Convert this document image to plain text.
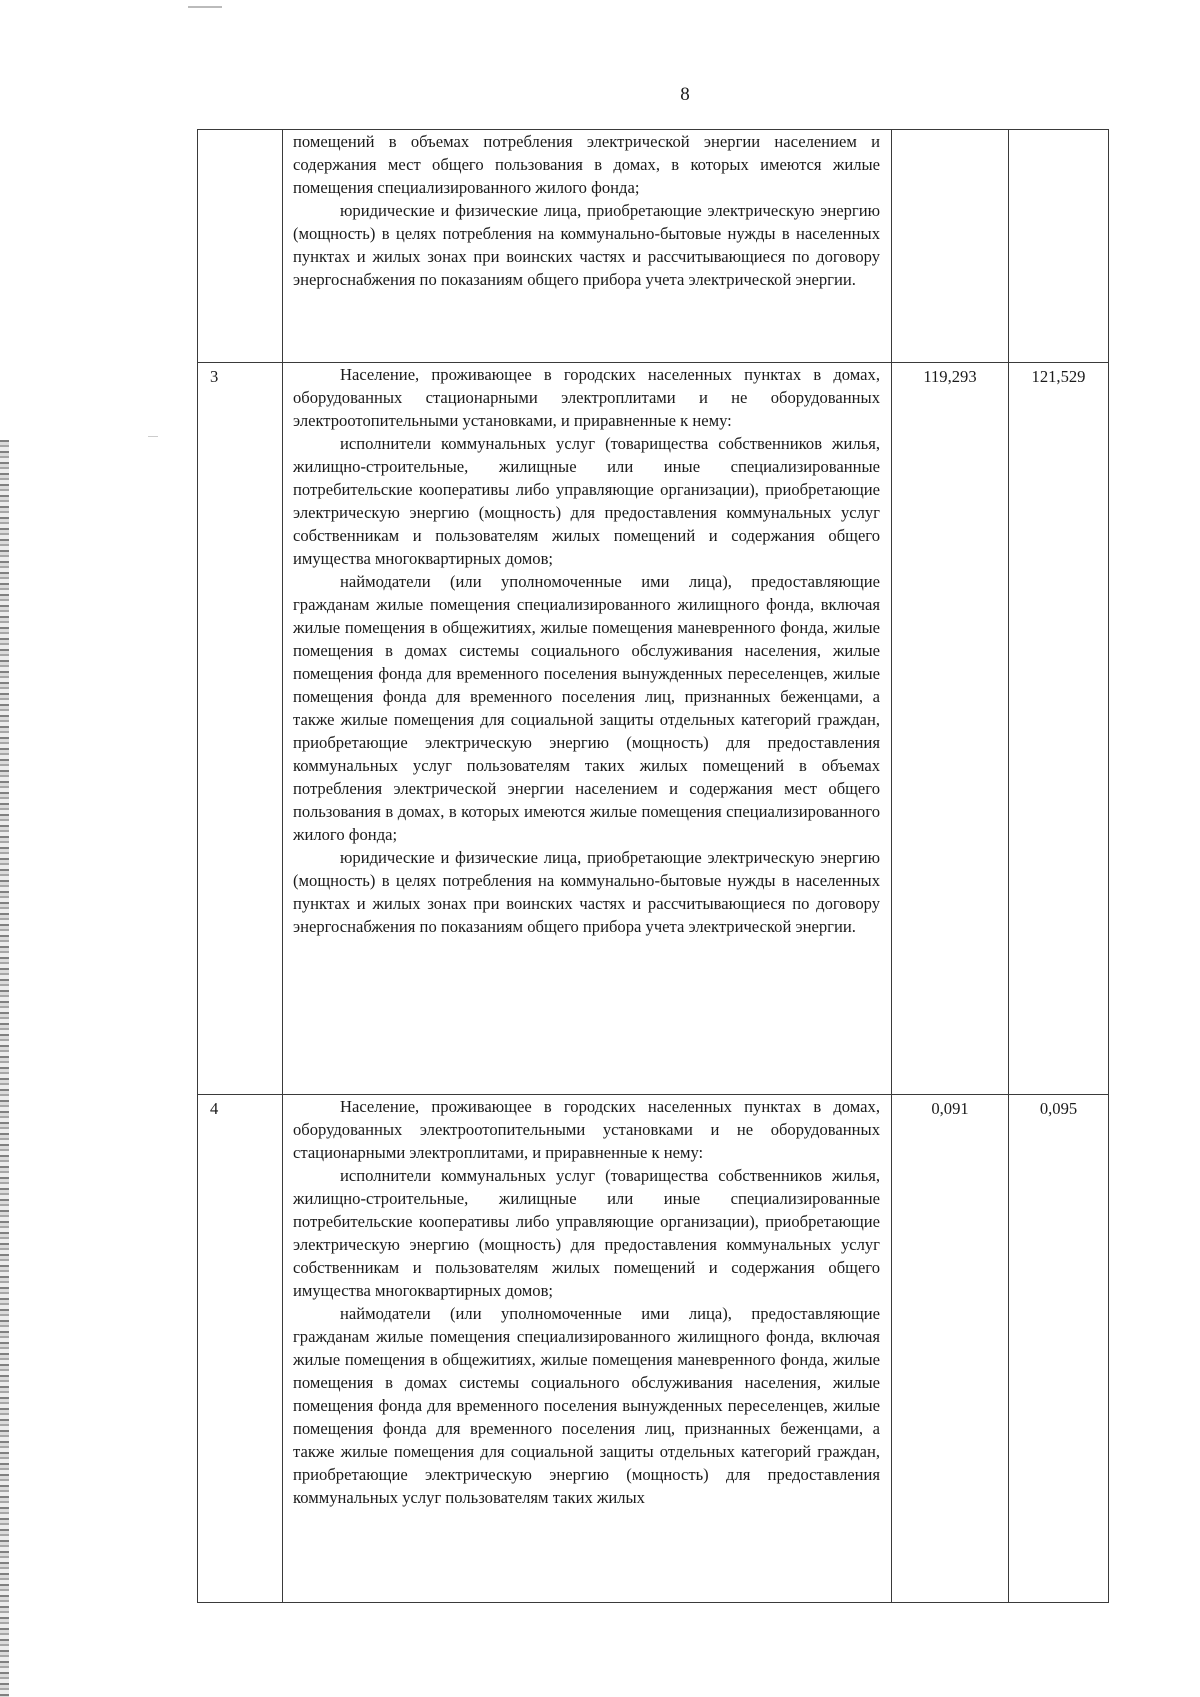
8

	помещений в объемах потребления электрической энергии населением и содержания мест общего пользования в домах, в которых имеются жилые помещения специализированного жилого фонда;

юридические и физические лица, приобретающие электрическую энергию (мощность) в целях потребления на коммунально-бытовые нужды в населенных пунктах и жилых зонах при воинских частях и рассчитывающиеся по договору энергоснабжения по показаниям общего прибора учета электрической энергии.		

3	Население, проживающее в городских населенных пунктах в домах, оборудованных стационарными электроплитами и не оборудованных электроотопительными установками, и приравненные к нему:

исполнители коммунальных услуг (товарищества собственников жилья, жилищно-строительные, жилищные или иные специализированные потребительские кооперативы либо управляющие организации), приобретающие электрическую энергию (мощность) для предоставления коммунальных услуг собственникам и пользователям жилых помещений и содержания общего имущества многоквартирных домов;

наймодатели (или уполномоченные ими лица), предоставляющие гражданам жилые помещения специализированного жилищного фонда, включая жилые помещения в общежитиях, жилые помещения маневренного фонда, жилые помещения в домах системы социального обслуживания населения, жилые помещения фонда для временного поселения вынужденных переселенцев, жилые помещения фонда для временного поселения лиц, признанных беженцами, а также жилые помещения для социальной защиты отдельных категорий граждан, приобретающие электрическую энергию (мощность) для предоставления коммунальных услуг пользователям таких жилых помещений в объемах потребления электрической энергии населением и содержания мест общего пользования в домах, в которых имеются жилые помещения специализированного жилого фонда;

юридические и физические лица, приобретающие электрическую энергию (мощность) в целях потребления на коммунально-бытовые нужды в населенных пунктах и жилых зонах при воинских частях и рассчитывающиеся по договору энергоснабжения по показаниям общего прибора учета электрической энергии.	119,293	121,529
4	Население, проживающее в городских населенных пунктах в домах, оборудованных электроотопительными установками и не оборудованных стационарными электроплитами, и приравненные к нему:

исполнители коммунальных услуг (товарищества собственников жилья, жилищно-строительные, жилищные или иные специализированные потребительские кооперативы либо управляющие организации), приобретающие электрическую энергию (мощность) для предоставления коммунальных услуг собственникам и пользователям жилых помещений и содержания общего имущества многоквартирных домов;

наймодатели (или уполномоченные ими лица), предоставляющие гражданам жилые помещения специализированного жилищного фонда, включая жилые помещения в общежитиях, жилые помещения маневренного фонда, жилые помещения в домах системы социального обслуживания населения, жилые помещения фонда для временного поселения вынужденных переселенцев, жилые помещения фонда для временного поселения лиц, признанных беженцами, а также жилые помещения для социальной защиты отдельных категорий граждан, приобретающие электрическую энергию (мощность) для предоставления коммунальных услуг пользователям таких жилых	0,091	0,095
